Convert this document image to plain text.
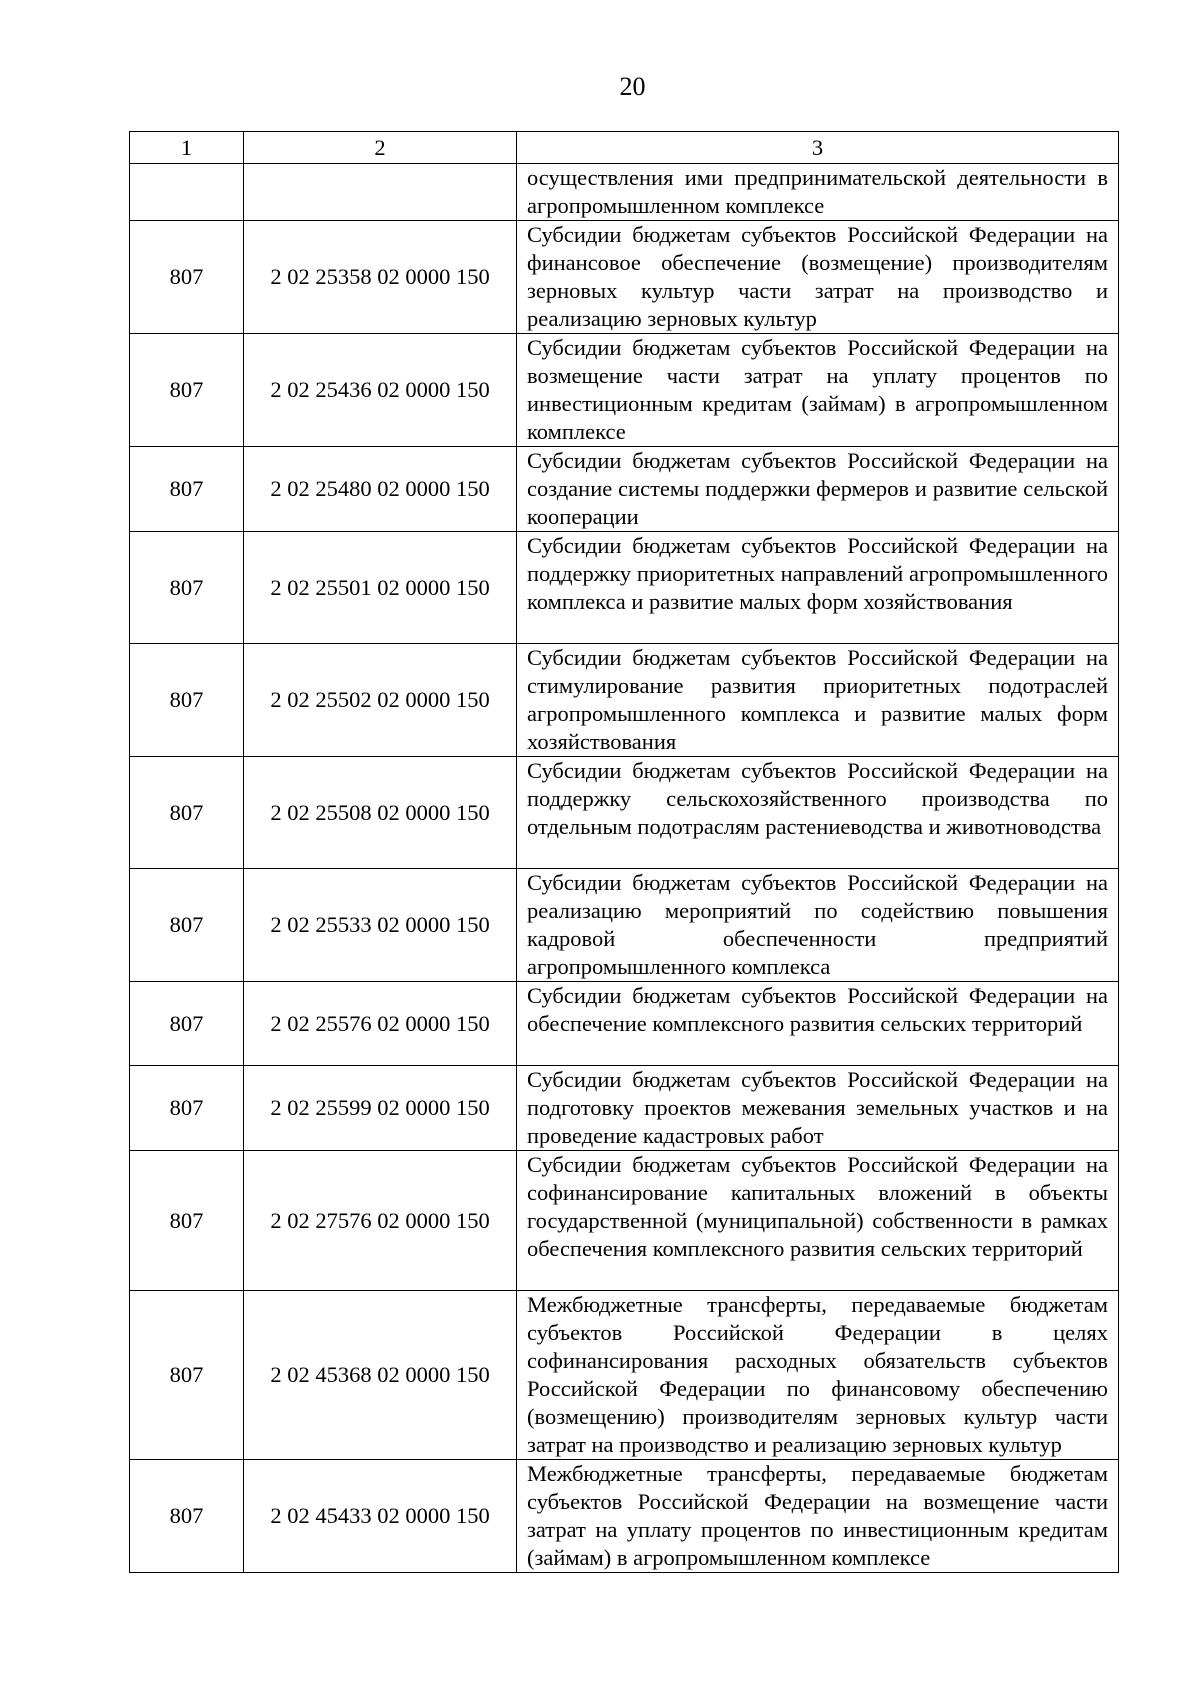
20
1	2	3
		осуществления ими предпринимательской деятельности в агропромышленном комплексе
807	2 02 25358 02 0000 150	Субсидии бюджетам субъектов Российской Федерации на финансовое обеспечение (возмещение) производителям зерновых культур части затрат на производство и реализацию зерновых культур
807	2 02 25436 02 0000 150	Субсидии бюджетам субъектов Российской Федерации на возмещение части затрат на уплату процентов по инвестиционным кредитам (займам) в агропромышленном комплексе
807	2 02 25480 02 0000 150	Субсидии бюджетам субъектов Российской Федерации на создание системы поддержки фермеров и развитие сельской кооперации
807	2 02 25501 02 0000 150	Субсидии бюджетам субъектов Российской Федерации на поддержку приоритетных направлений агропромышленного комплекса и развитие малых форм хозяйствования
807	2 02 25502 02 0000 150	Субсидии бюджетам субъектов Российской Федерации на стимулирование развития приоритетных подотраслей агропромышленного комплекса и развитие малых форм хозяйствования
807	2 02 25508 02 0000 150	Субсидии бюджетам субъектов Российской Федерации на поддержку сельскохозяйственного производства по отдельным подотраслям растениеводства и животноводства
807	2 02 25533 02 0000 150	Субсидии бюджетам субъектов Российской Федерации на реализацию мероприятий по содействию повышения кадровой обеспеченности предприятий агропромышленного комплекса
807	2 02 25576 02 0000 150	Субсидии бюджетам субъектов Российской Федерации на обеспечение комплексного развития сельских территорий
807	2 02 25599 02 0000 150	Субсидии бюджетам субъектов Российской Федерации на подготовку проектов межевания земельных участков и на проведение кадастровых работ
807	2 02 27576 02 0000 150	Субсидии бюджетам субъектов Российской Федерации на софинансирование капитальных вложений в объекты государственной (муниципальной) собственности в рамках обеспечения комплексного развития сельских территорий
807	2 02 45368 02 0000 150	Межбюджетные трансферты, передаваемые бюджетам субъектов Российской Федерации в целях софинансирования расходных обязательств субъектов Российской Федерации по финансовому обеспечению (возмещению) производителям зерновых культур части затрат на производство и реализацию зерновых культур
807	2 02 45433 02 0000 150	Межбюджетные трансферты, передаваемые бюджетам субъектов Российской Федерации на возмещение части затрат на уплату процентов по инвестиционным кредитам (займам) в агропромышленном комплексе
